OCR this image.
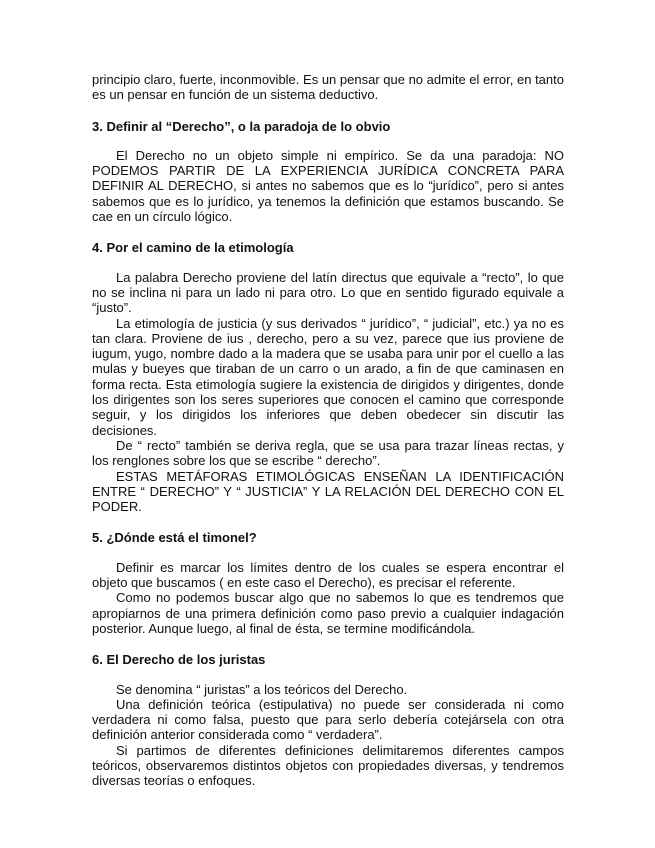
principio claro, fuerte, inconmovible. Es un pensar que no admite el error, en tanto es un pensar en función de un sistema deductivo.

3. Definir al “Derecho”, o la paradoja de lo obvio

El Derecho no un objeto simple ni empírico. Se da una paradoja: NO PODEMOS PARTIR DE LA EXPERIENCIA JURÍDICA CONCRETA PARA DEFINIR AL DERECHO, si antes no sabemos que es lo “jurídico”, pero si antes sabemos que es lo jurídico, ya tenemos la definición que estamos buscando. Se cae en un círculo lógico.

4. Por el camino de la etimología

La palabra Derecho proviene del latín directus que equivale a “recto”, lo que no se inclina ni para un lado ni para otro. Lo que en sentido figurado equivale a “justo”.

La etimología de justicia (y sus derivados “ jurídico”, “ judicial”, etc.) ya no es tan clara. Proviene de ius , derecho, pero a su vez, parece que ius proviene de iugum, yugo, nombre dado a la madera que se usaba para unir por el cuello a las mulas y bueyes que tiraban de un carro o un arado, a fin de que caminasen en forma recta. Esta etimología sugiere la existencia de dirigidos y dirigentes, donde los dirigentes son los seres superiores que conocen el camino que corresponde seguir, y los dirigidos los inferiores que deben obedecer sin discutir las decisiones.

De “ recto” también se deriva regla, que se usa para trazar líneas rectas, y los renglones sobre los que se escribe “ derecho”.

ESTAS METÁFORAS ETIMOLÓGICAS ENSEÑAN LA IDENTIFICACIÓN ENTRE “ DERECHO” Y “ JUSTICIA” Y LA RELACIÓN DEL DERECHO CON EL PODER.

5. ¿Dónde está el timonel?

Definir es marcar los límites dentro de los cuales se espera encontrar el objeto que buscamos ( en este caso el Derecho), es precisar el referente.

Como no podemos buscar algo que no sabemos lo que es tendremos que apropiarnos de una primera definición como paso previo a cualquier indagación posterior. Aunque luego, al final de ésta, se termine modificándola.

6. El Derecho de los juristas

Se denomina “ juristas” a los teóricos del Derecho.

Una definición teórica (estipulativa) no puede ser considerada ni como verdadera ni como falsa, puesto que para serlo debería cotejársela con otra definición anterior considerada como “ verdadera”.

Si partimos de diferentes definiciones delimitaremos diferentes campos teóricos, observaremos distintos objetos con propiedades diversas, y tendremos diversas teorías o enfoques.
